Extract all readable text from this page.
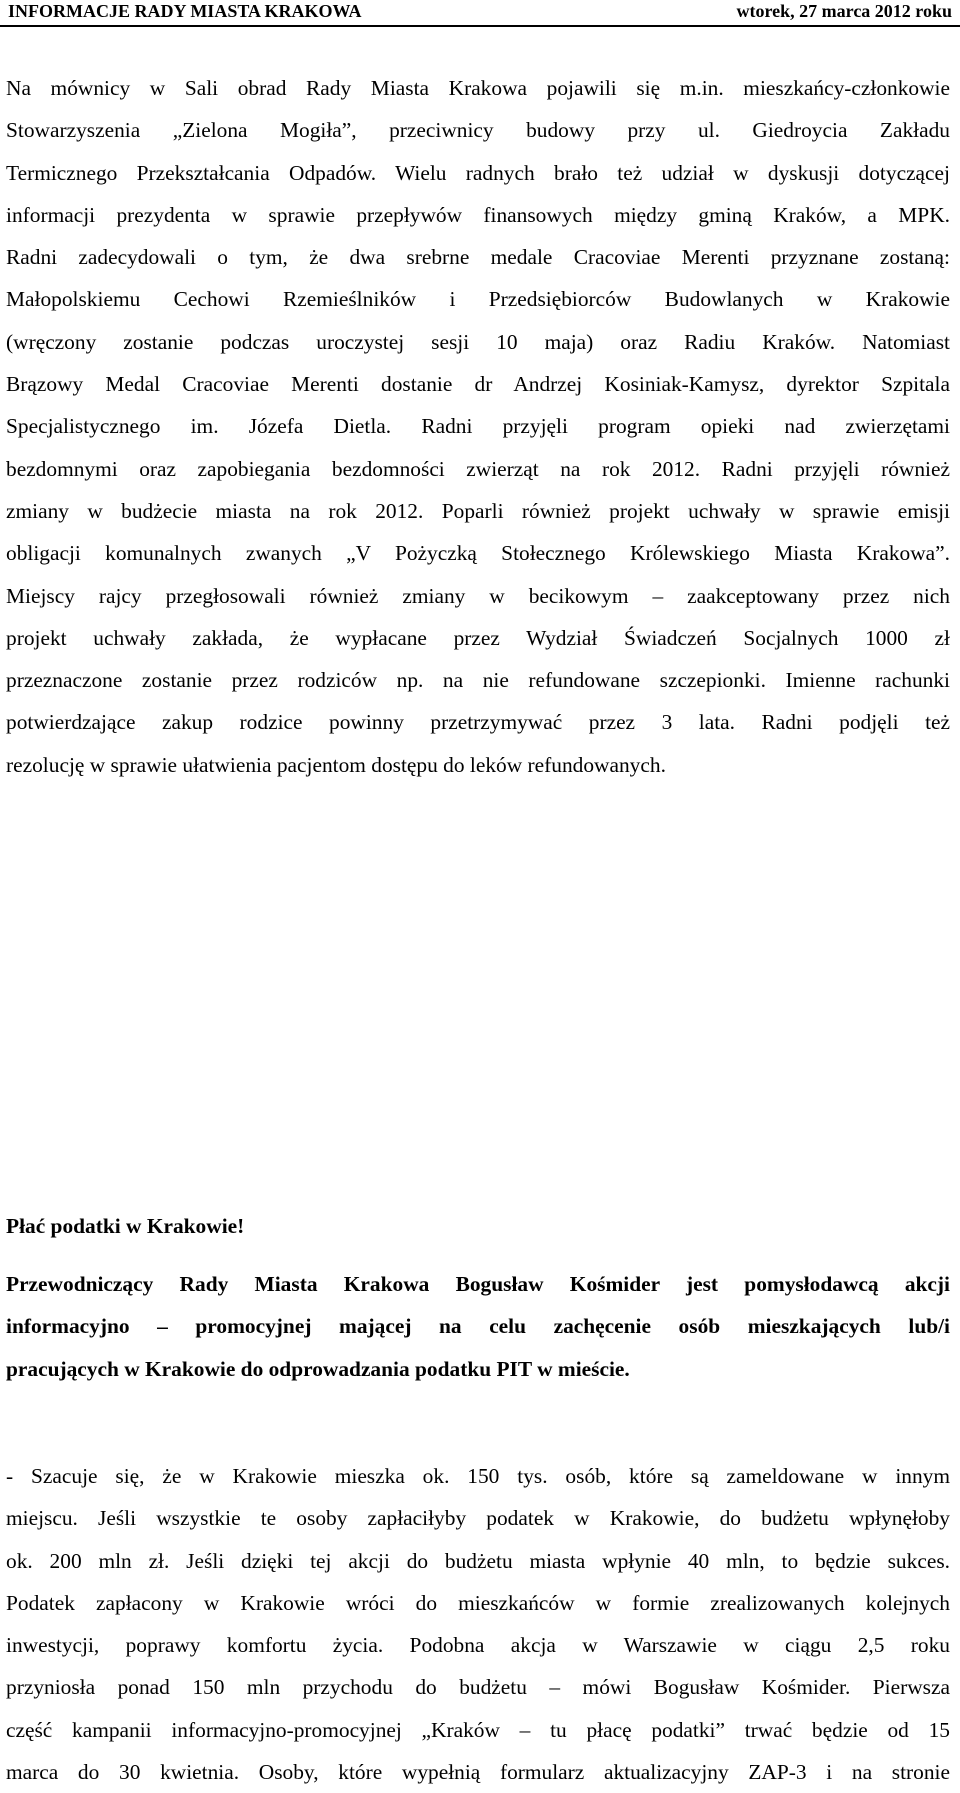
INFORMACJE RADY MIASTA KRAKOWA	wtorek, 27 marca 2012 roku
Na mównicy w Sali obrad Rady Miasta Krakowa pojawili się m.in. mieszkańcy-członkowie
Stowarzyszenia „Zielona Mogiła”, przeciwnicy budowy przy ul. Giedroycia Zakładu
Termicznego Przekształcania Odpadów. Wielu radnych brało też udział w dyskusji dotyczącej
informacji prezydenta w sprawie przepływów finansowych między gminą Kraków, a MPK.
Radni zadecydowali o tym, że dwa srebrne medale Cracoviae Merenti przyznane zostaną:
Małopolskiemu Cechowi Rzemieślników i Przedsiębiorców Budowlanych w Krakowie
(wręczony zostanie podczas uroczystej sesji 10 maja) oraz Radiu Kraków. Natomiast
Brązowy Medal Cracoviae Merenti dostanie dr Andrzej Kosiniak-Kamysz, dyrektor Szpitala
Specjalistycznego im. Józefa Dietla. Radni przyjęli program opieki nad zwierzętami
bezdomnymi oraz zapobiegania bezdomności zwierząt na rok 2012. Radni przyjęli również
zmiany w budżecie miasta na rok 2012. Poparli również projekt uchwały w sprawie emisji
obligacji komunalnych zwanych „V Pożyczką Stołecznego Królewskiego Miasta Krakowa”.
Miejscy rajcy przegłosowali również zmiany w becikowym – zaakceptowany przez nich
projekt uchwały zakłada, że wypłacane przez Wydział Świadczeń Socjalnych 1000 zł
przeznaczone zostanie przez rodziców np. na nie refundowane szczepionki. Imienne rachunki
potwierdzające zakup rodzice powinny przetrzymywać przez 3 lata. Radni podjęli też
rezolucję w sprawie ułatwienia pacjentom dostępu do leków refundowanych.
Płać podatki w Krakowie!
Przewodniczący Rady Miasta Krakowa Bogusław Kośmider jest pomysłodawcą akcji
informacyjno – promocyjnej mającej na celu zachęcenie osób mieszkających lub/i
pracujących w Krakowie do odprowadzania podatku PIT w mieście.
- Szacuje się, że w Krakowie mieszka ok. 150 tys. osób, które są zameldowane w innym
miejscu. Jeśli wszystkie te osoby zapłaciłyby podatek w Krakowie, do budżetu wpłynęłoby
ok. 200 mln zł. Jeśli dzięki tej akcji do budżetu miasta wpłynie 40 mln, to będzie sukces.
Podatek zapłacony w Krakowie wróci do mieszkańców w formie zrealizowanych kolejnych
inwestycji, poprawy komfortu życia. Podobna akcja w Warszawie w ciągu 2,5 roku
przyniosła ponad 150 mln przychodu do budżetu – mówi Bogusław Kośmider. Pierwsza
część kampanii informacyjno-promocyjnej „Kraków – tu płacę podatki” trwać będzie od 15
marca do 30 kwietnia. Osoby, które wypełnią formularz aktualizacyjny ZAP-3 i na stronie
